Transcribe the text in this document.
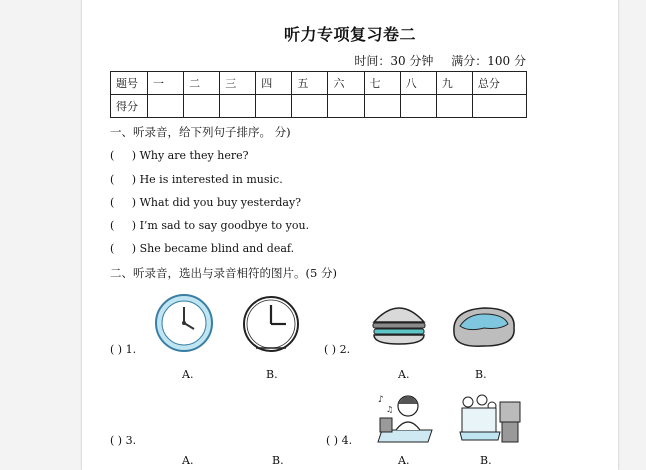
听力专项复习卷二
时间：30 分钟 满分：100 分
题号	一	二	三	四	五	六	七	八	九	总分
得分										
一、听录音，给下列句子排序。 分)
( ) Why are they here?
( ) He is interested in music.
( ) What did you buy yesterday?
( ) I’m sad to say goodbye to you.
( ) She became blind and deaf.
二、听录音，选出与录音相符的图片。(5 分)
( ) 1.
A.	B.
( ) 2.
A.	B.
( ) 3.
A.	B.
( ) 4.
♪
♫
A.	B.
